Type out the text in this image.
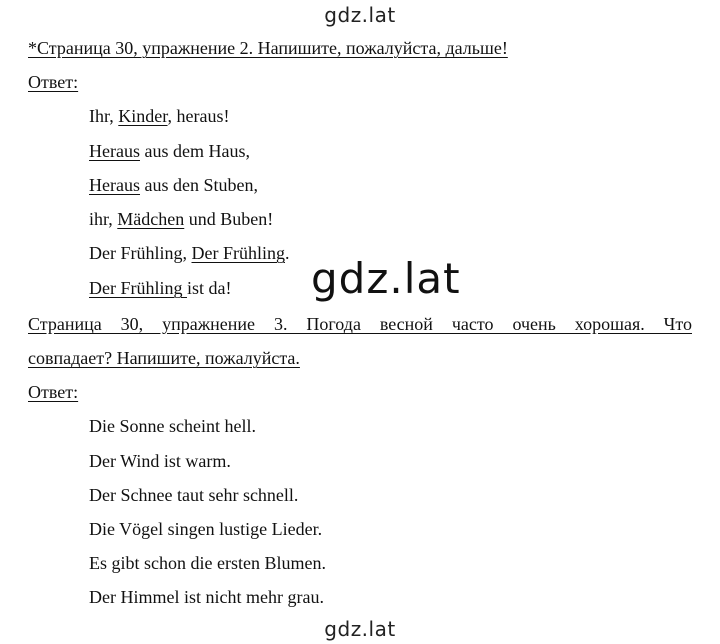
gdz.lat
*Страница 30, упражнение 2. Напишите, пожалуйста, дальше!
Ответ:
Ihr, Kinder, heraus!
Heraus aus dem Haus,
Heraus aus den Stuben,
ihr, Mädchen und Buben!
Der Frühling, Der Frühling.
Der Frühling ist da! gdz.lat
Страница 30, упражнение 3. Погода весной часто очень хорошая. Что
совпадает? Напишите, пожалуйста.
Ответ:
Die Sonne scheint hell.
Der Wind ist warm.
Der Schnee taut sehr schnell.
Die Vögel singen lustige Lieder.
Es gibt schon die ersten Blumen.
Der Himmel ist nicht mehr grau.
gdz.lat
